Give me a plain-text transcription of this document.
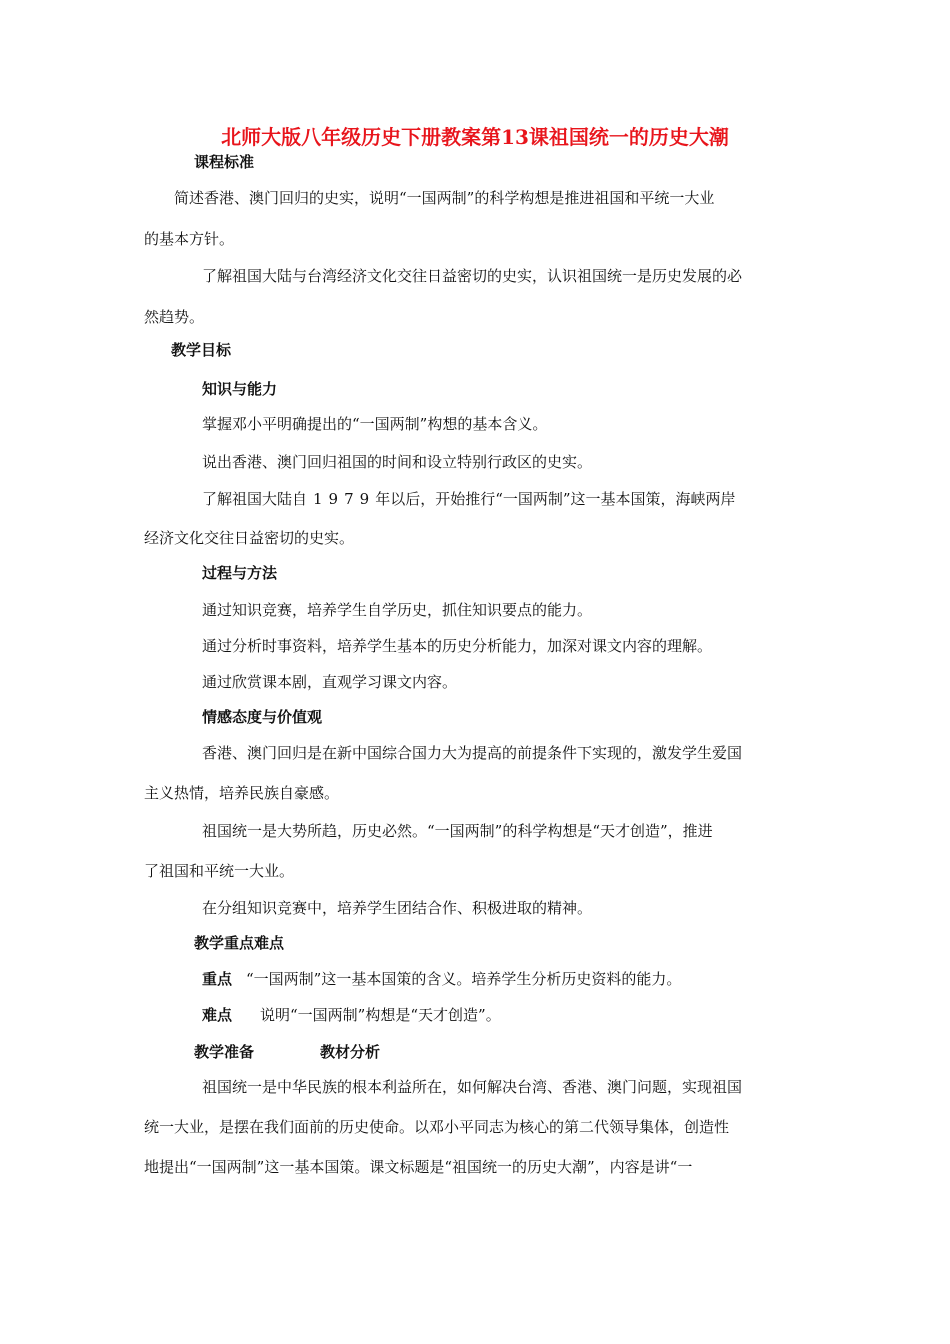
北师大版八年级历史下册教案第13课祖国统一的历史大潮
课程标准
简述香港、澳门回归的史实，说明“一国两制”的科学构想是推进祖国和平统一大业
的基本方针。
了解祖国大陆与台湾经济文化交往日益密切的史实，认识祖国统一是历史发展的必
然趋势。
教学目标
知识与能力
掌握邓小平明确提出的“一国两制”构想的基本含义。
说出香港、澳门回归祖国的时间和设立特别行政区的史实。
了解祖国大陆自 1979年以后，开始推行“一国两制”这一基本国策，海峡两岸
经济文化交往日益密切的史实。
过程与方法
通过知识竞赛，培养学生自学历史，抓住知识要点的能力。
通过分析时事资料，培养学生基本的历史分析能力，加深对课文内容的理解。
通过欣赏课本剧，直观学习课文内容。
情感态度与价值观
香港、澳门回归是在新中国综合国力大为提高的前提条件下实现的，激发学生爱国
主义热情，培养民族自豪感。
祖国统一是大势所趋，历史必然。“一国两制”的科学构想是“天才创造”，推进
了祖国和平统一大业。
在分组知识竞赛中，培养学生团结合作、积极进取的精神。
教学重点难点
重点 “一国两制”这一基本国策的含义。培养学生分析历史资料的能力。
难点 说明“一国两制”构想是“天才创造”。
教学准备	教材分析
祖国统一是中华民族的根本利益所在，如何解决台湾、香港、澳门问题，实现祖国
统一大业，是摆在我们面前的历史使命。以邓小平同志为核心的第二代领导集体，创造性
地提出“一国两制”这一基本国策。课文标题是“祖国统一的历史大潮”，内容是讲“一
